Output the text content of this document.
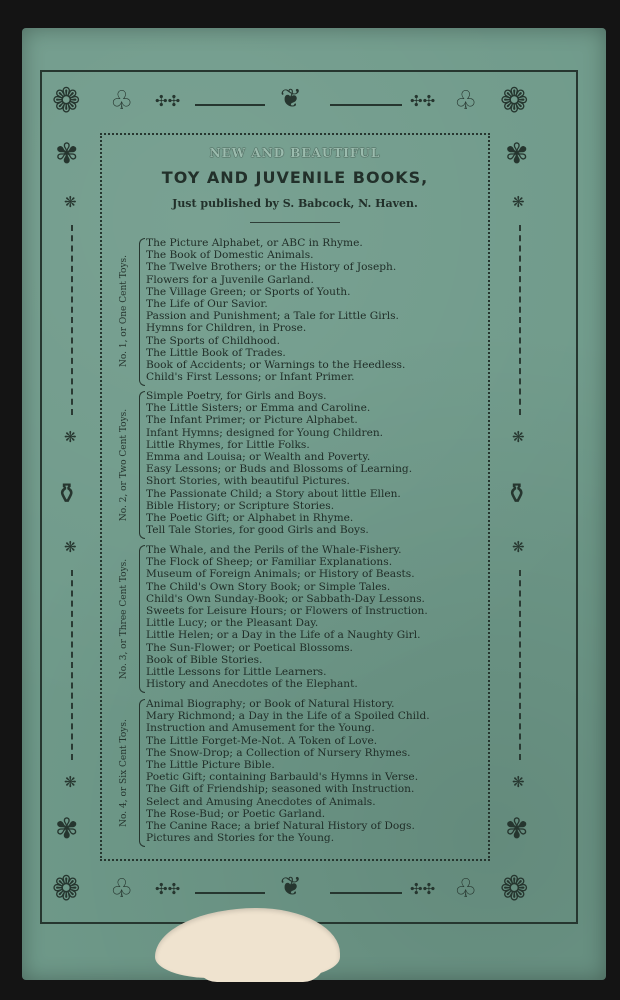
❁ ♧ ✣✣	❦	✣✣ ♧ ❁
✾	✾
❋	❋
❋	❋
⚱	⚱
❋	❋
❋	❋
✾	✾
❁ ♧ ✣✣	❦	✣✣ ♧ ❁
NEW AND BEAUTIFUL
TOY AND JUVENILE BOOKS,
Just published by S. Babcock, N. Haven.
No. 1, or One Cent Toys.
The Picture Alphabet, or ABC in Rhyme.
The Book of Domestic Animals.
The Twelve Brothers; or the History of Joseph.
Flowers for a Juvenile Garland.
The Village Green; or Sports of Youth.
The Life of Our Savior.
Passion and Punishment; a Tale for Little Girls.
Hymns for Children, in Prose.
The Sports of Childhood.
The Little Book of Trades.
Book of Accidents; or Warnings to the Heedless.
Child's First Lessons; or Infant Primer.
No. 2, or Two Cent Toys.
Simple Poetry, for Girls and Boys.
The Little Sisters; or Emma and Caroline.
The Infant Primer; or Picture Alphabet.
Infant Hymns; designed for Young Children.
Little Rhymes, for Little Folks.
Emma and Louisa; or Wealth and Poverty.
Easy Lessons; or Buds and Blossoms of Learning.
Short Stories, with beautiful Pictures.
The Passionate Child; a Story about little Ellen.
Bible History; or Scripture Stories.
The Poetic Gift; or Alphabet in Rhyme.
Tell Tale Stories, for good Girls and Boys.
No. 3, or Three Cent Toys.
The Whale, and the Perils of the Whale-Fishery.
The Flock of Sheep; or Familiar Explanations.
Museum of Foreign Animals; or History of Beasts.
The Child's Own Story Book; or Simple Tales.
Child's Own Sunday-Book; or Sabbath-Day Lessons.
Sweets for Leisure Hours; or Flowers of Instruction.
Little Lucy; or the Pleasant Day.
Little Helen; or a Day in the Life of a Naughty Girl.
The Sun-Flower; or Poetical Blossoms.
Book of Bible Stories.
Little Lessons for Little Learners.
History and Anecdotes of the Elephant.
No. 4, or Six Cent Toys.
Animal Biography; or Book of Natural History.
Mary Richmond; a Day in the Life of a Spoiled Child.
Instruction and Amusement for the Young.
The Little Forget-Me-Not. A Token of Love.
The Snow-Drop; a Collection of Nursery Rhymes.
The Little Picture Bible.
Poetic Gift; containing Barbauld's Hymns in Verse.
The Gift of Friendship; seasoned with Instruction.
Select and Amusing Anecdotes of Animals.
The Rose-Bud; or Poetic Garland.
The Canine Race; a brief Natural History of Dogs.
Pictures and Stories for the Young.
